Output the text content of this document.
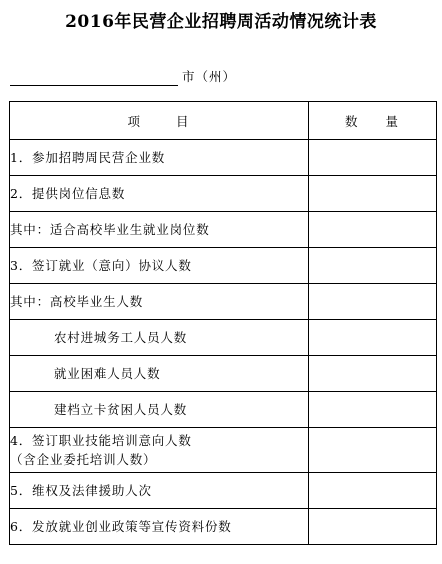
2016年民营企业招聘周活动情况统计表
市（州）
项 目	数 量
1．参加招聘周民营企业数	
2．提供岗位信息数	
其中：适合高校毕业生就业岗位数	
3．签订就业（意向）协议人数	
其中：高校毕业生人数	
农村进城务工人员人数	
就业困难人员人数	
建档立卡贫困人员人数	
4．签订职业技能培训意向人数
（含企业委托培训人数）	
5．维权及法律援助人次	
6．发放就业创业政策等宣传资料份数	
